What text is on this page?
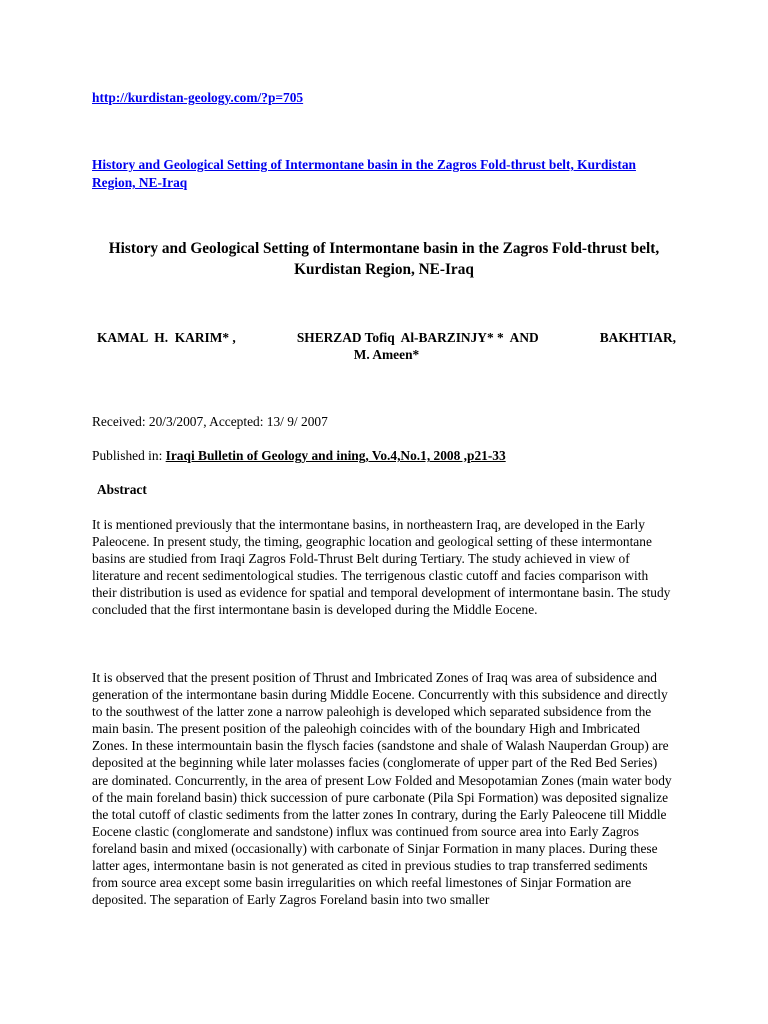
http://kurdistan-geology.com/?p=705
History and Geological Setting of Intermontane basin in the Zagros Fold-thrust belt, Kurdistan Region, NE-Iraq
History and Geological Setting of Intermontane basin in the Zagros Fold-thrust belt, Kurdistan Region, NE-Iraq
KAMAL  H.  KARIM* ,	SHERZAD Tofiq  Al-BARZINJY* *  AND	BAKHTIAR,
M. Ameen*
Received: 20/3/2007, Accepted: 13/ 9/ 2007
Published in: Iraqi Bulletin of Geology and ining, Vo.4,No.1, 2008 ,p21-33
Abstract
It is mentioned previously that the intermontane basins, in northeastern Iraq, are developed in the Early Paleocene. In present study, the timing, geographic location and geological setting of these intermontane basins are studied from Iraqi Zagros Fold-Thrust Belt during Tertiary. The study achieved in view of literature and recent sedimentological studies. The terrigenous clastic cutoff and facies comparison with their distribution is used as evidence for spatial and temporal development of intermontane basin. The study concluded that the first intermontane basin is developed during the Middle Eocene.
It is observed that the present position of Thrust and Imbricated Zones of Iraq was area of subsidence and generation of the intermontane basin during Middle Eocene. Concurrently with this subsidence and directly to the southwest of the latter zone a narrow paleohigh is developed which separated subsidence from the main basin. The present position of the paleohigh coincides with of the boundary High and Imbricated Zones. In these intermountain basin the flysch facies (sandstone and shale of Walash Nauperdan Group) are deposited at the beginning while later molasses facies (conglomerate of upper part of the Red Bed Series) are dominated. Concurrently, in the area of present Low Folded and Mesopotamian Zones (main water body of the main foreland basin) thick succession of pure carbonate (Pila Spi Formation) was deposited signalize the total cutoff of clastic sediments from the latter zones In contrary, during the Early Paleocene till Middle Eocene clastic (conglomerate and sandstone) influx was continued from source area into Early Zagros foreland basin and mixed (occasionally) with carbonate of Sinjar Formation in many places. During these latter ages, intermontane basin is not generated as cited in previous studies to trap transferred sediments from source area except some basin irregularities on which reefal limestones of Sinjar Formation are deposited. The separation of Early Zagros Foreland basin into two smaller
